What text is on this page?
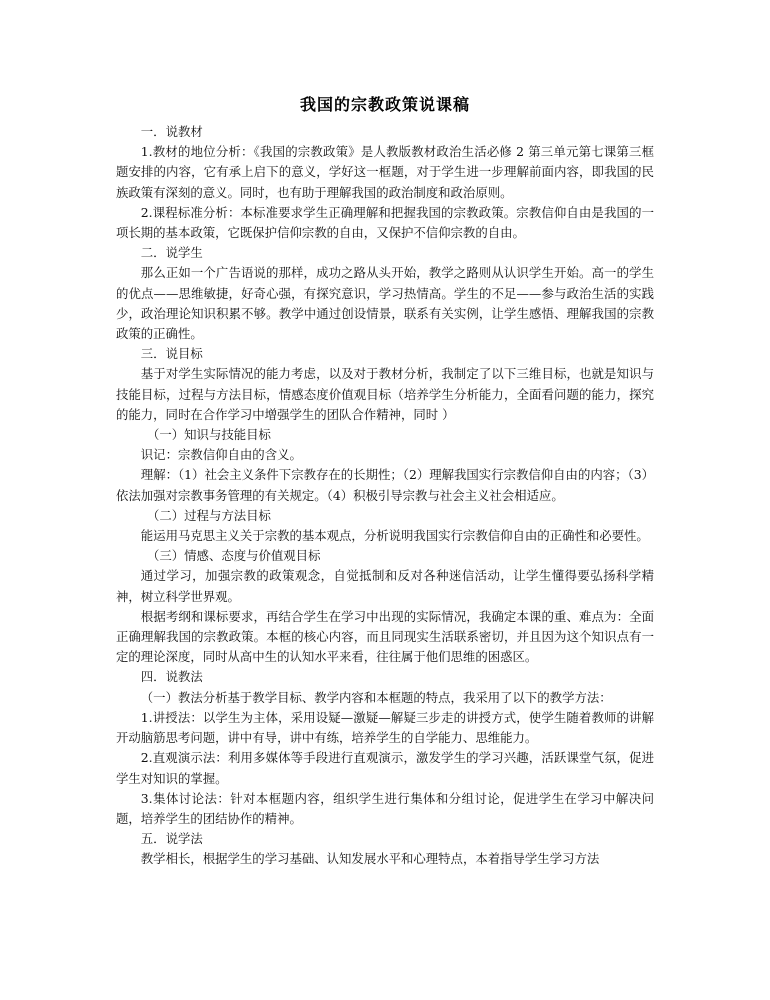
我国的宗教政策说课稿

一．说教材

1.教材的地位分析：《我国的宗教政策》是人教版教材政治生活必修 2 第三单元第七课第三框题安排的内容，它有承上启下的意义，学好这一框题，对于学生进一步理解前面内容，即我国的民族政策有深刻的意义。同时，也有助于理解我国的政治制度和政治原则。

2.课程标准分析：本标准要求学生正确理解和把握我国的宗教政策。宗教信仰自由是我国的一项长期的基本政策，它既保护信仰宗教的自由，又保护不信仰宗教的自由。

二．说学生

那么正如一个广告语说的那样，成功之路从头开始，教学之路则从认识学生开始。高一的学生的优点——思维敏捷，好奇心强，有探究意识，学习热情高。学生的不足——参与政治生活的实践少，政治理论知识积累不够。教学中通过创设情景，联系有关实例，让学生感悟、理解我国的宗教政策的正确性。

三．说目标

基于对学生实际情况的能力考虑，以及对于教材分析，我制定了以下三维目标，也就是知识与技能目标，过程与方法目标，情感态度价值观目标（培养学生分析能力，全面看问题的能力，探究的能力，同时在合作学习中增强学生的团队合作精神，同时 ）

（一）知识与技能目标

识记：宗教信仰自由的含义。

理解：（1）社会主义条件下宗教存在的长期性；（2）理解我国实行宗教信仰自由的内容；（3）依法加强对宗教事务管理的有关规定。（4）积极引导宗教与社会主义社会相适应。

（二）过程与方法目标

能运用马克思主义关于宗教的基本观点，分析说明我国实行宗教信仰自由的正确性和必要性。

（三）情感、态度与价值观目标

通过学习，加强宗教的政策观念，自觉抵制和反对各种迷信活动，让学生懂得要弘扬科学精神，树立科学世界观。

根据考纲和课标要求，再结合学生在学习中出现的实际情况，我确定本课的重、难点为：全面正确理解我国的宗教政策。本框的核心内容，而且同现实生活联系密切，并且因为这个知识点有一定的理论深度，同时从高中生的认知水平来看，往往属于他们思维的困惑区。

四．说教法

（一）教法分析基于教学目标、教学内容和本框题的特点，我采用了以下的教学方法：

1.讲授法：以学生为主体，采用设疑—激疑—解疑三步走的讲授方式，使学生随着教师的讲解开动脑筋思考问题，讲中有导，讲中有练，培养学生的自学能力、思维能力。

2.直观演示法：利用多媒体等手段进行直观演示，激发学生的学习兴趣，活跃课堂气氛，促进学生对知识的掌握。

3.集体讨论法：针对本框题内容，组织学生进行集体和分组讨论，促进学生在学习中解决问题，培养学生的团结协作的精神。

五．说学法

教学相长，根据学生的学习基础、认知发展水平和心理特点，本着指导学生学习方法
